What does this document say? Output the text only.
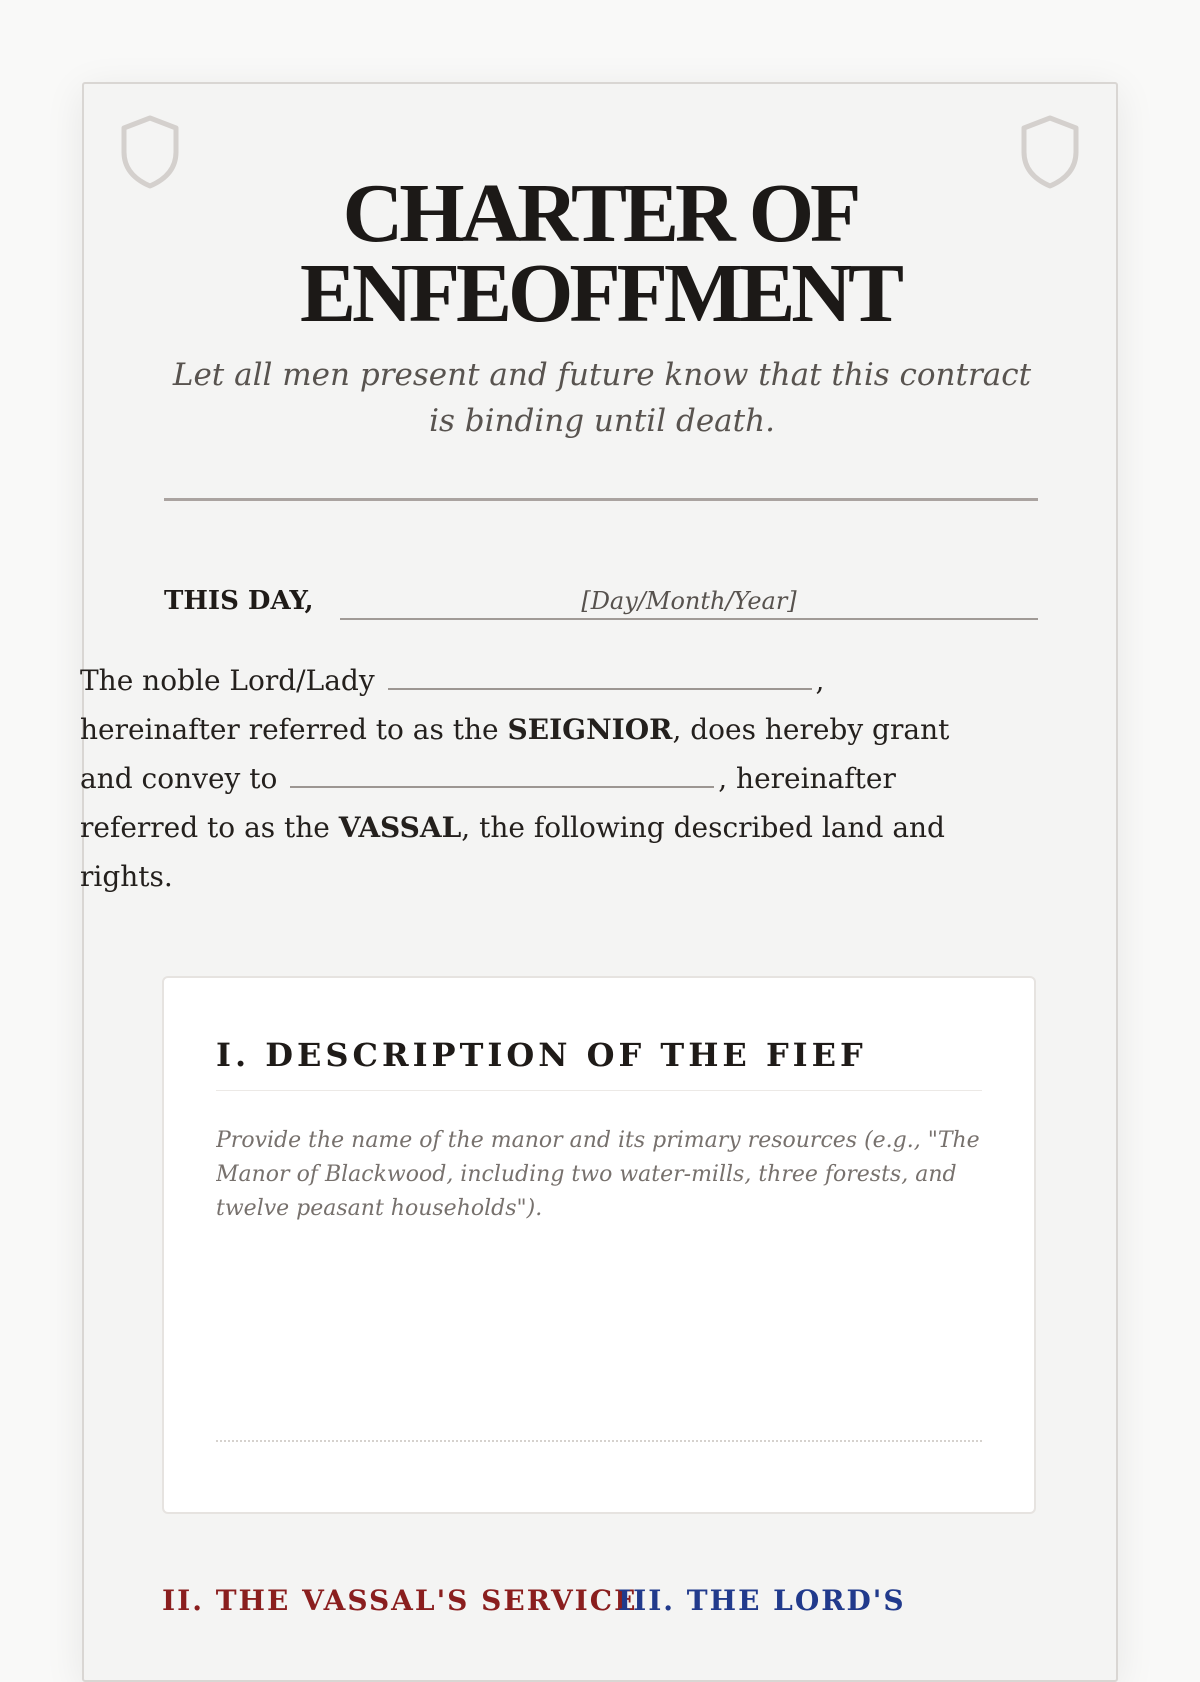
CHARTER OF
ENFEOFFMENT
Let all men present and future know that this contract is binding until death.
THIS DAY,	[Day/Month/Year]
The noble Lord/Lady	,
hereinafter referred to as the SEIGNIOR, does hereby grant
and convey to	, hereinafter
referred to as the VASSAL, the following described land and
rights.
I. DESCRIPTION OF THE FIEF
Provide the name of the manor and its primary resources (e.g., "The Manor of Blackwood, including two water-mills, three forests, and twelve peasant households").
II. THE VASSAL'S SERVICE
III. THE LORD'S
